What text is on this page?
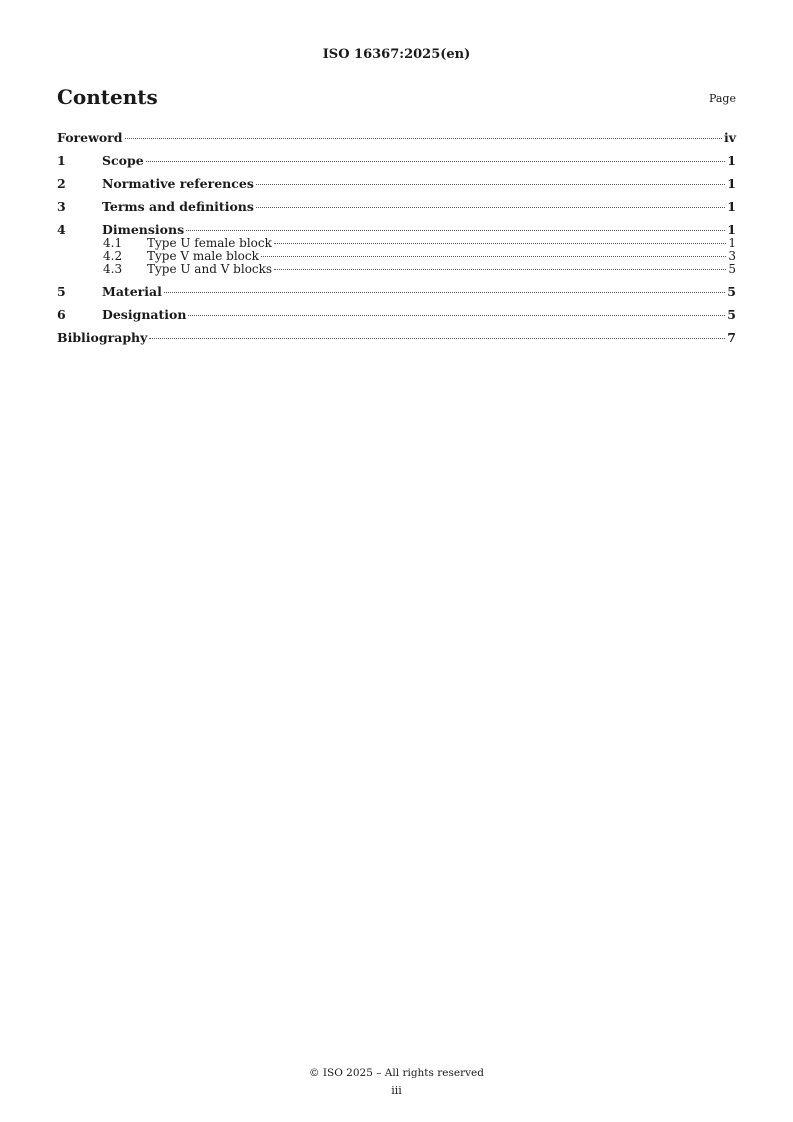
ISO 16367:2025(en)
Contents	Page
Foreword	iv
1	Scope	1
2	Normative references	1
3	Terms and definitions	1
4	Dimensions	1
4.1	Type U female block	1
4.2	Type V male block	3
4.3	Type U and V blocks	5
5	Material	5
6	Designation	5
Bibliography	7
© ISO 2025 – All rights reserved
iii
